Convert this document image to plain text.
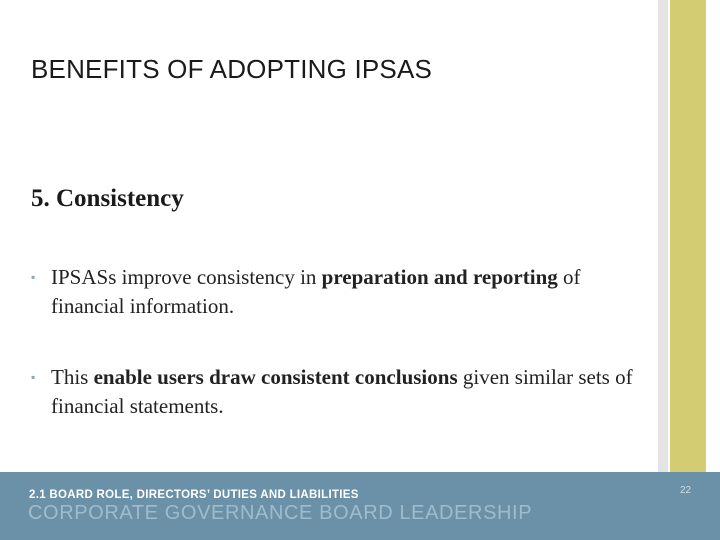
BENEFITS OF ADOPTING IPSAS
5. Consistency
▪ IPSASs improve consistency in preparation and reporting of financial information.
▪ This enable users draw consistent conclusions given similar sets of financial statements.
2.1 BOARD ROLE, DIRECTORS’ DUTIES AND LIABILITIES
CORPORATE GOVERNANCE BOARD LEADERSHIP
22
